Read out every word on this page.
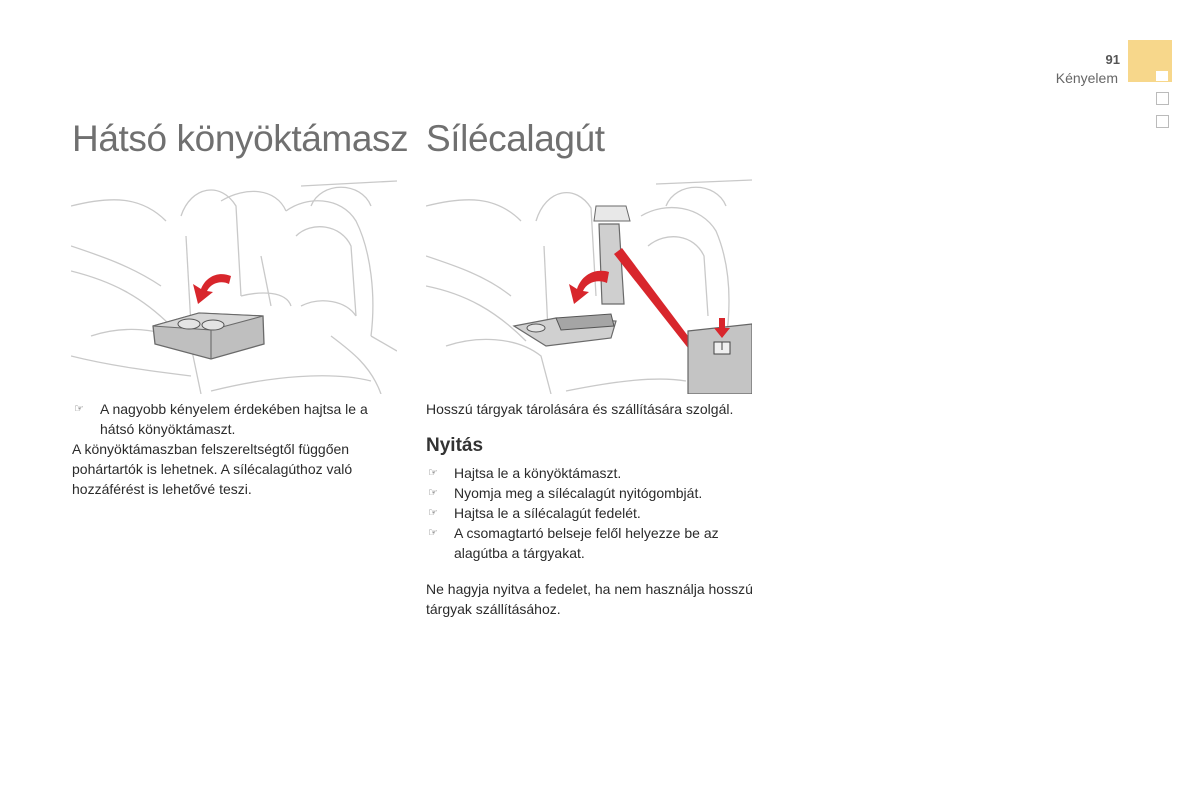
91
Kényelem
Hátsó könyöktámasz Sílécalagút
☞ A nagyobb kényelem érdekében hajtsa le a hátsó könyöktámaszt.

A könyöktámaszban felszereltségtől függően pohártartók is lehetnek. A sílécalagúthoz való hozzáférést is lehetővé teszi.

Hosszú tárgyak tárolására és szállítására szolgál.

Nyitás
☞ Hajtsa le a könyöktámaszt.
☞ Nyomja meg a sílécalagút nyitógombját.
☞ Hajtsa le a sílécalagút fedelét.
☞ A csomagtartó belseje felől helyezze be az alagútba a tárgyakat.

Ne hagyja nyitva a fedelet, ha nem használja hosszú tárgyak szállításához.
